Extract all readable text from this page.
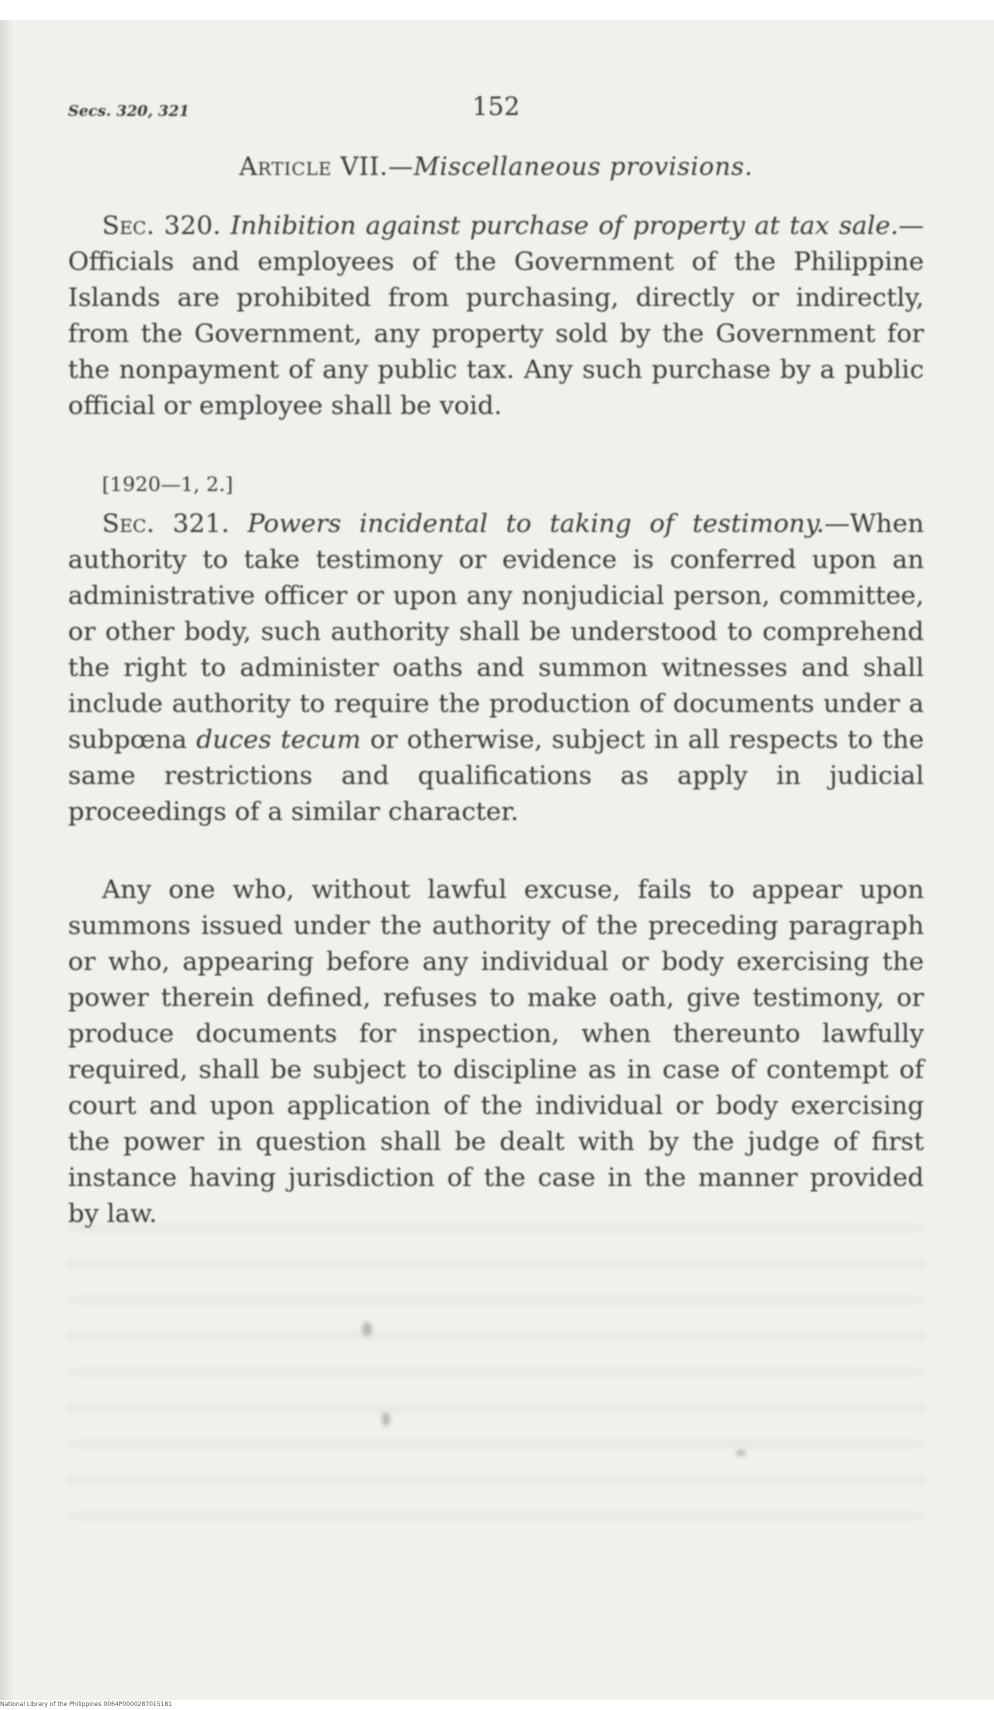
Secs. 320, 321	152
Article VII.—Miscellaneous provisions.

Sec. 320. Inhibition against purchase of property at tax sale.—Officials and employees of the Government of the Philippine Islands are prohibited from purchasing, directly or indirectly, from the Government, any property sold by the Government for the nonpayment of any public tax. Any such purchase by a public official or employee shall be void.

[1920—1, 2.]

Sec. 321. Powers incidental to taking of testimony.—When authority to take testimony or evidence is conferred upon an administrative officer or upon any nonjudicial person, committee, or other body, such authority shall be understood to comprehend the right to administer oaths and summon witnesses and shall include authority to require the production of documents under a subpœna duces tecum or otherwise, subject in all respects to the same restrictions and qualifications as apply in judicial proceedings of a similar character.

Any one who, without lawful excuse, fails to appear upon summons issued under the authority of the preceding paragraph or who, appearing before any individual or body exercising the power therein defined, refuses to make oath, give testimony, or produce documents for inspection, when thereunto lawfully required, shall be subject to discipline as in case of contempt of court and upon application of the individual or body exercising the power in question shall be dealt with by the judge of first instance having jurisdiction of the case in the manner provided by law.

National Library of the Philippines 0064P0000287015181
